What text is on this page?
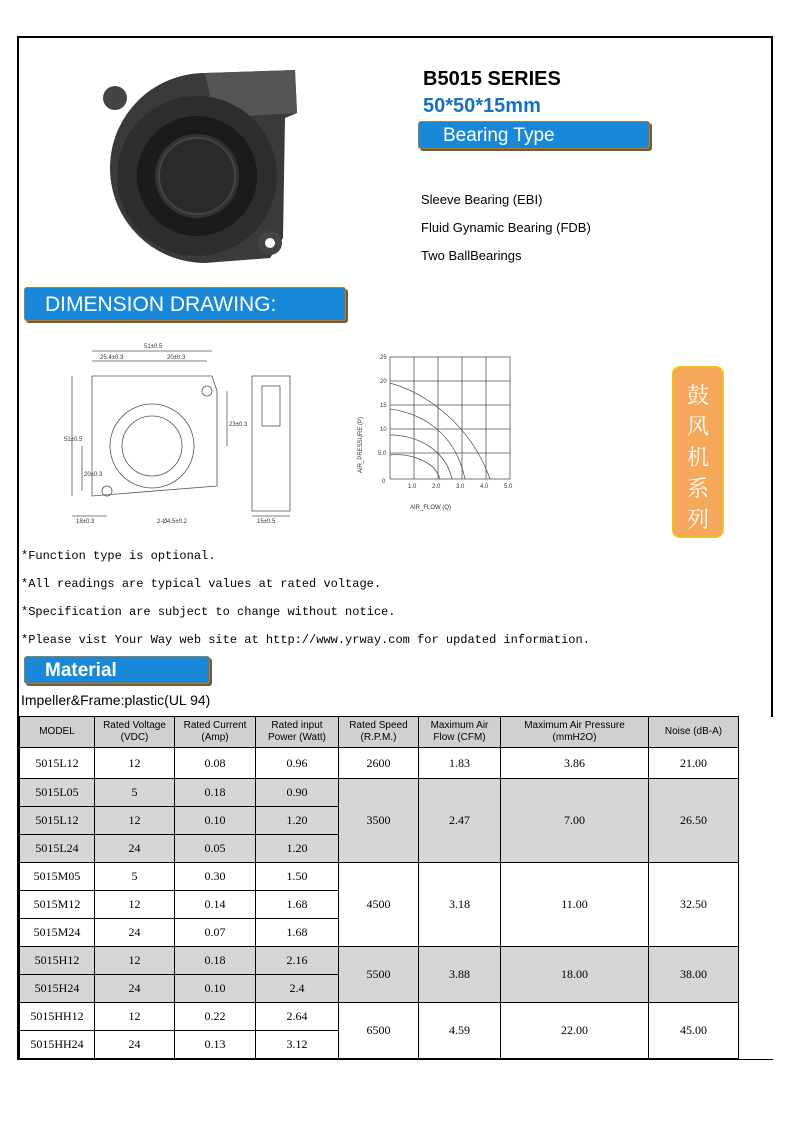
B5015 SERIES
50*50*15mm
Bearing Type
Sleeve Bearing (EBI)
Fluid Gynamic Bearing (FDB)
Two BallBearings
DIMENSION DRAWING:
51±0.5
25.4±0.3	20±0.3
23±0.3
51±0.5
20±0.3
18±0.3	2-Ø4.5±0.2	15±0.5
25
20
15
10
5.0
0
1.0	2.0	3.0	4.0	5.0
AIR_FLOW (Q)
AIR_PRESSURE (P)
鼓
风
机
系
列
*Function type is optional.
*All readings are typical values at rated voltage.
*Specification are subject to change without notice.
*Please vist Your Way web site at http://www.yrway.com for updated information.
Material
Impeller&Frame:plastic(UL 94)
MODEL	Rated Voltage (VDC)	Rated Current (Amp)	Rated input Power (Watt)	Rated Speed (R.P.M.)	Maximum Air Flow (CFM)	Maximum Air Pressure (mmH2O)	Noise (dB-A)	
5015L12	12	0.08	0.96	2600	1.83	3.86	21.00	
5015L05	5	0.18	0.90	3500	2.47	7.00	26.50	
5015L12	12	0.10	1.20					
5015L24	24	0.05	1.20					
5015M05	5	0.30	1.50	4500	3.18	11.00	32.50	
5015M12	12	0.14	1.68					
5015M24	24	0.07	1.68					
5015H12	12	0.18	2.16	5500	3.88	18.00	38.00	
5015H24	24	0.10	2.4					
5015HH12	12	0.22	2.64	6500	4.59	22.00	45.00	
5015HH24	24	0.13	3.12					
